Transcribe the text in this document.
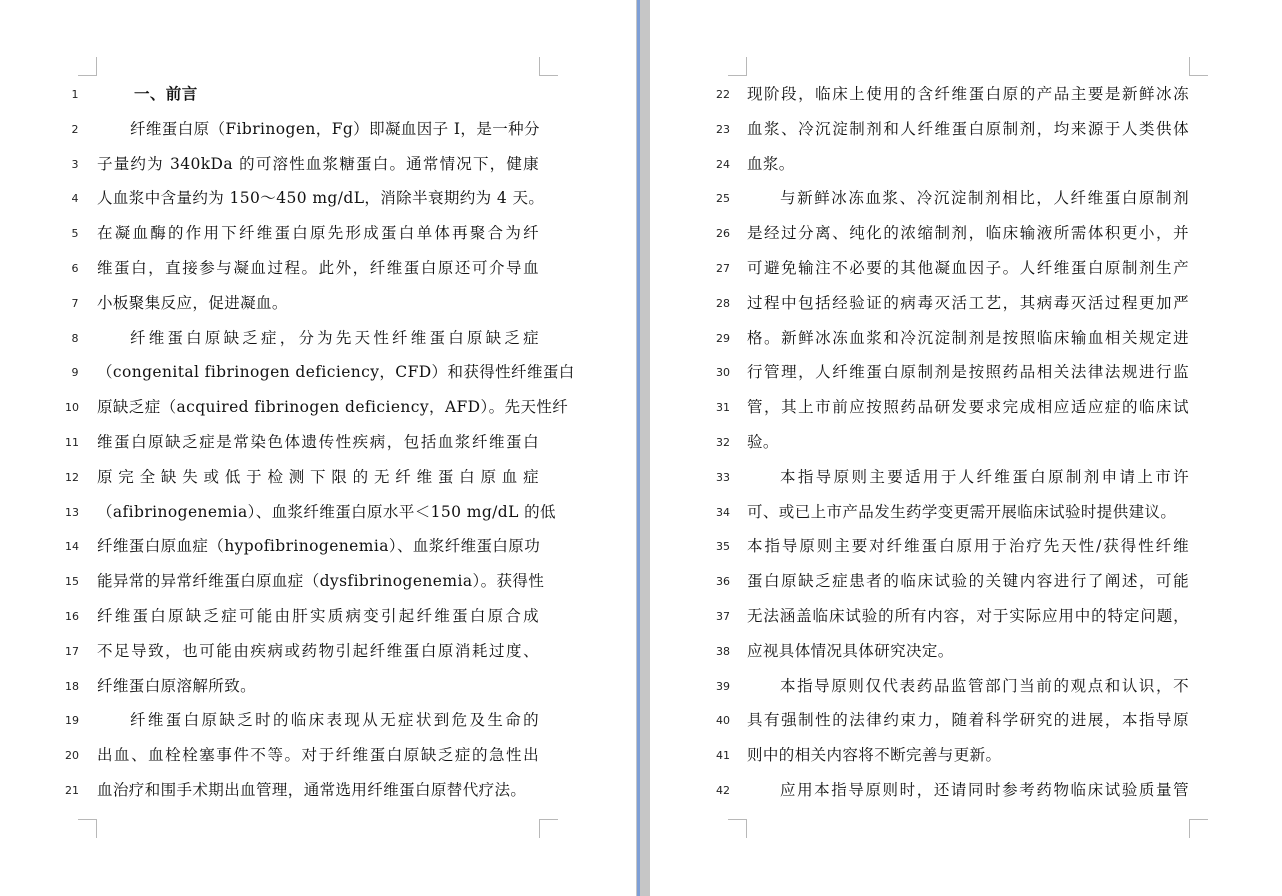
1	一、前言
2	纤维蛋白原（Fibrinogen，Fg）即凝血因子 I，是一种分
3 子量约为 340kDa 的可溶性血浆糖蛋白。通常情况下，健康
4 人血浆中含量约为 150～450 mg/dL，消除半衰期约为 4 天。
5 在凝血酶的作用下纤维蛋白原先形成蛋白单体再聚合为纤
6 维蛋白，直接参与凝血过程。此外，纤维蛋白原还可介导血
7 小板聚集反应，促进凝血。
8	纤维蛋白原缺乏症，分为先天性纤维蛋白原缺乏症
9 （congenital fibrinogen deficiency，CFD）和获得性纤维蛋白
10 原缺乏症（acquired fibrinogen deficiency，AFD）。先天性纤
11 维蛋白原缺乏症是常染色体遗传性疾病，包括血浆纤维蛋白
12 原完全缺失或低于检测下限的无纤维蛋白原血症
13 （afibrinogenemia）、血浆纤维蛋白原水平＜150 mg/dL 的低
14 纤维蛋白原血症（hypofibrinogenemia）、血浆纤维蛋白原功
15 能异常的异常纤维蛋白原血症（dysfibrinogenemia）。获得性
16 纤维蛋白原缺乏症可能由肝实质病变引起纤维蛋白原合成
17 不足导致，也可能由疾病或药物引起纤维蛋白原消耗过度、
18 纤维蛋白原溶解所致。
19	纤维蛋白原缺乏时的临床表现从无症状到危及生命的
20 出血、血栓栓塞事件不等。对于纤维蛋白原缺乏症的急性出
21 血治疗和围手术期出血管理，通常选用纤维蛋白原替代疗法。
22 现阶段，临床上使用的含纤维蛋白原的产品主要是新鲜冰冻
23 血浆、冷沉淀制剂和人纤维蛋白原制剂，均来源于人类供体
24 血浆。
25	与新鲜冰冻血浆、冷沉淀制剂相比，人纤维蛋白原制剂
26 是经过分离、纯化的浓缩制剂，临床输液所需体积更小，并
27 可避免输注不必要的其他凝血因子。人纤维蛋白原制剂生产
28 过程中包括经验证的病毒灭活工艺，其病毒灭活过程更加严
29 格。新鲜冰冻血浆和冷沉淀制剂是按照临床输血相关规定进
30 行管理，人纤维蛋白原制剂是按照药品相关法律法规进行监
31 管，其上市前应按照药品研发要求完成相应适应症的临床试
32 验。
33	本指导原则主要适用于人纤维蛋白原制剂申请上市许
34 可、或已上市产品发生药学变更需开展临床试验时提供建议。
35 本指导原则主要对纤维蛋白原用于治疗先天性/获得性纤维
36 蛋白原缺乏症患者的临床试验的关键内容进行了阐述，可能
37 无法涵盖临床试验的所有内容，对于实际应用中的特定问题，
38 应视具体情况具体研究决定。
39	本指导原则仅代表药品监管部门当前的观点和认识，不
40 具有强制性的法律约束力，随着科学研究的进展，本指导原
41 则中的相关内容将不断完善与更新。
42	应用本指导原则时，还请同时参考药物临床试验质量管
